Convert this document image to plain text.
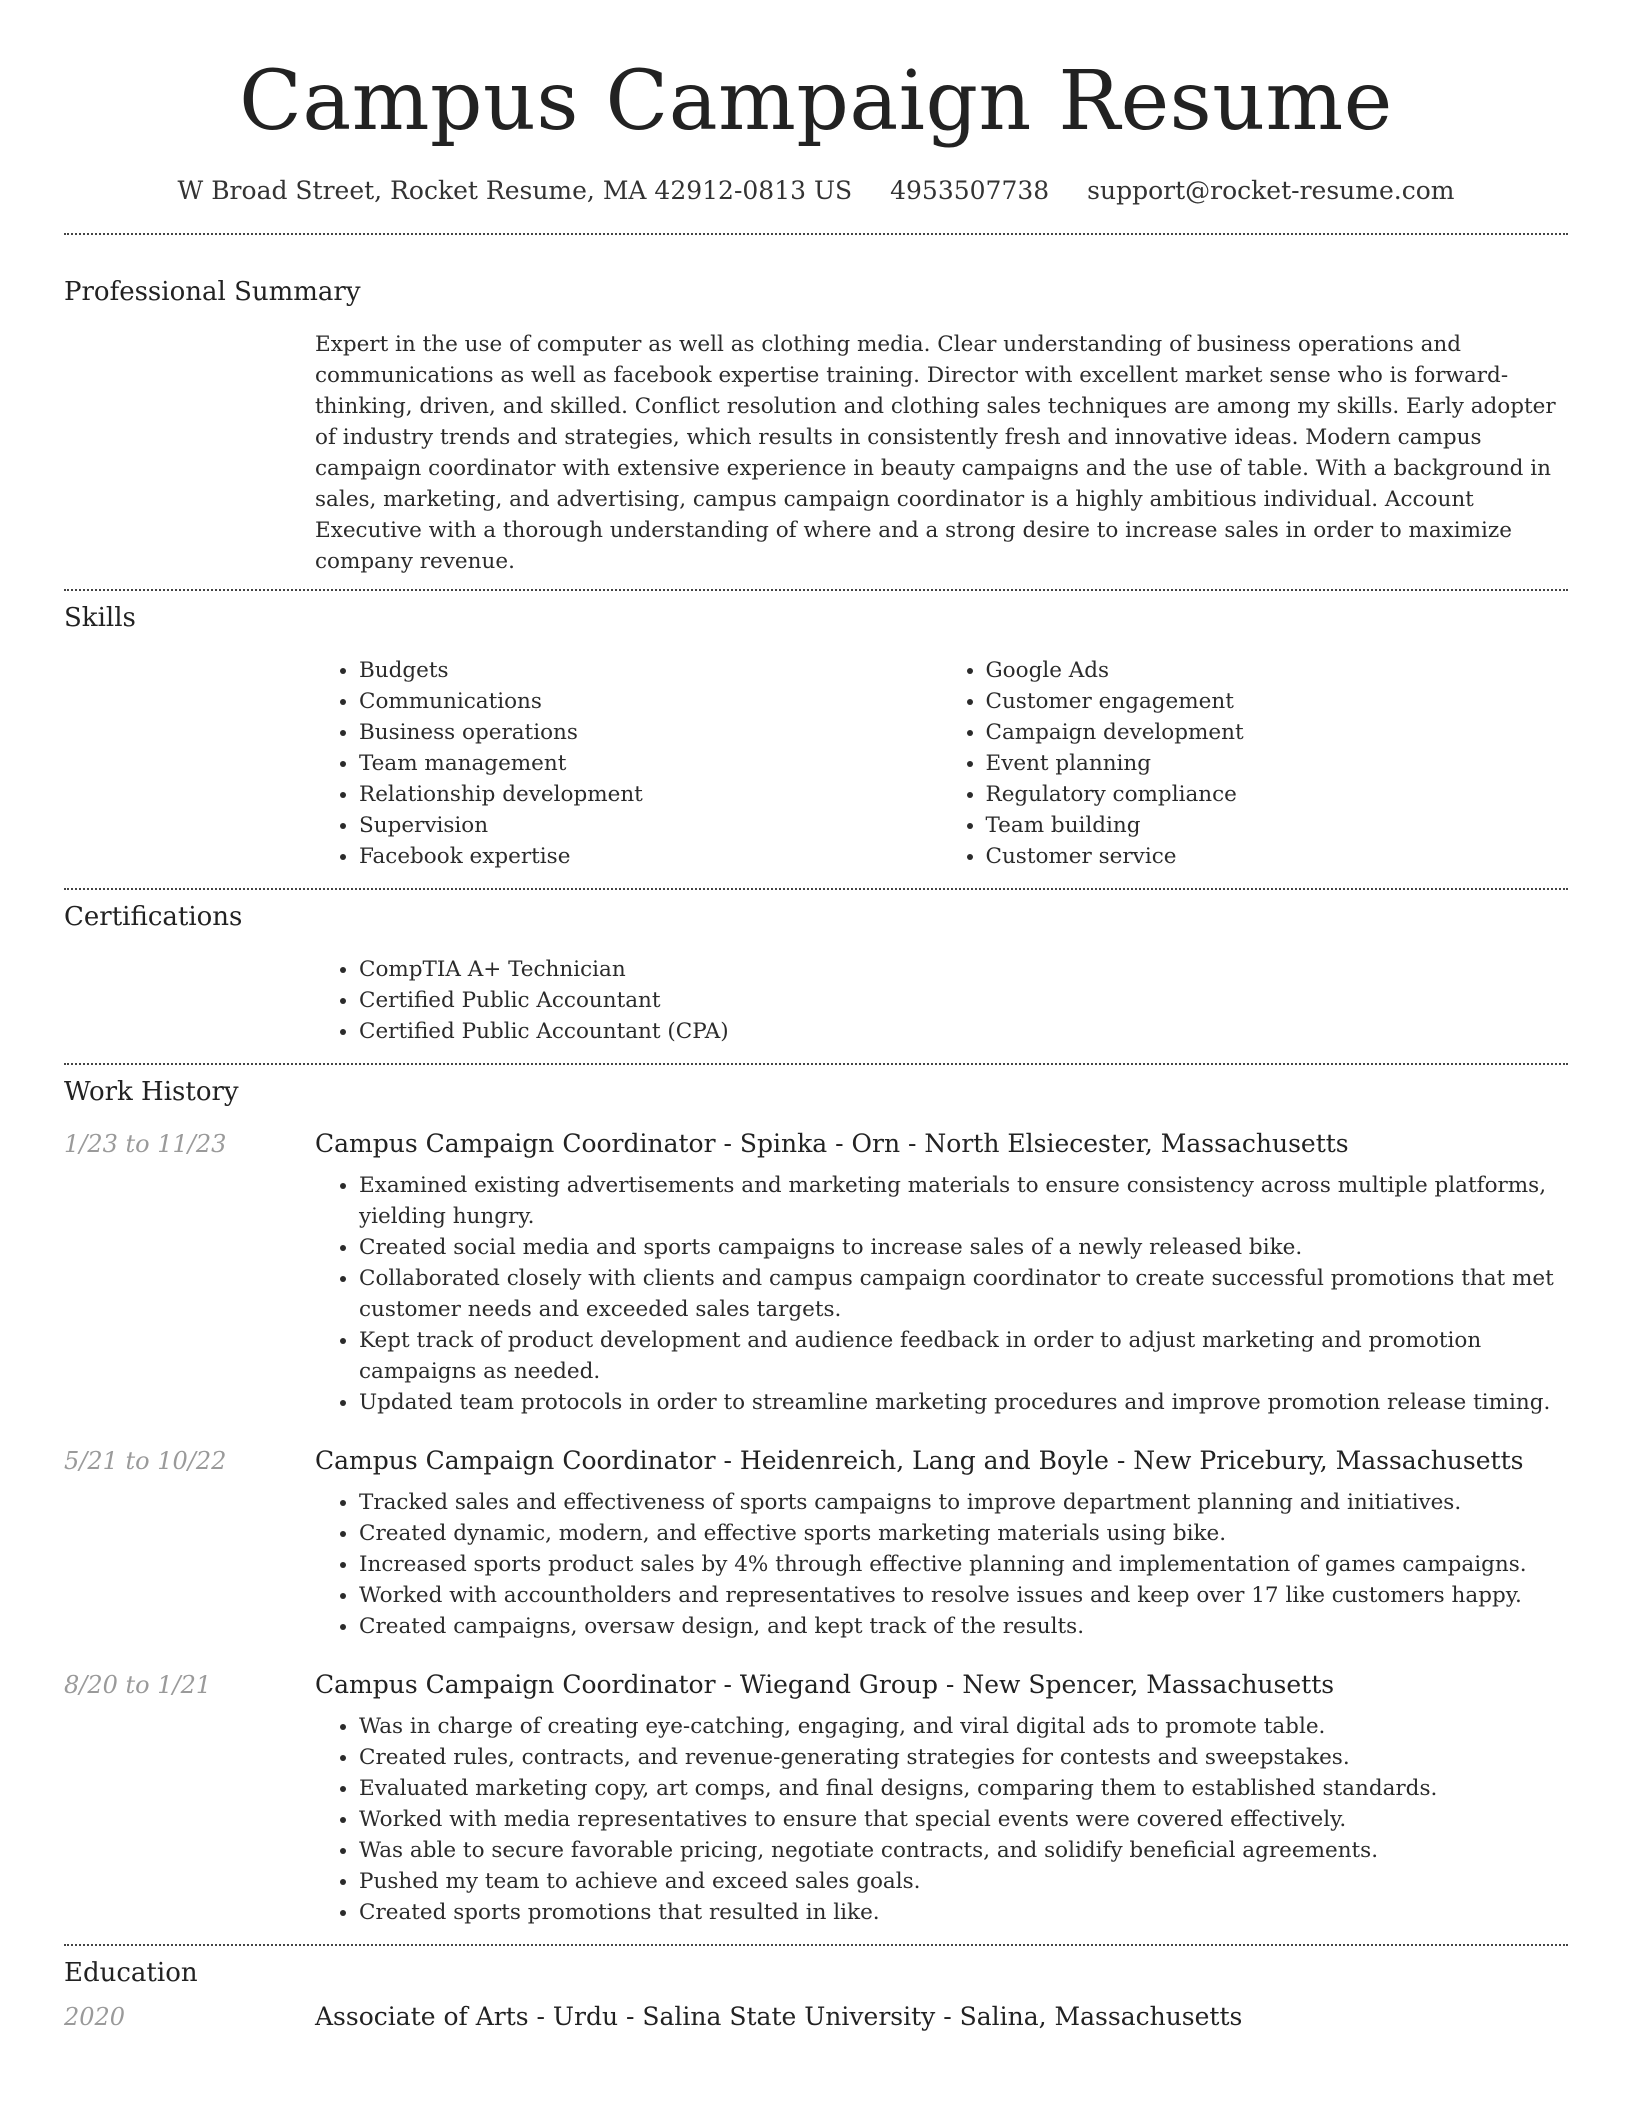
Campus Campaign Resume
W Broad Street, Rocket Resume, MA 42912-0813 US 4953507738 support@rocket-resume.com
Professional Summary
Expert in the use of computer as well as clothing media. Clear understanding of business operations and communications as well as facebook expertise training. Director with excellent market sense who is forward-thinking, driven, and skilled. Conflict resolution and clothing sales techniques are among my skills. Early adopter of industry trends and strategies, which results in consistently fresh and innovative ideas. Modern campus campaign coordinator with extensive experience in beauty campaigns and the use of table. With a background in sales, marketing, and advertising, campus campaign coordinator is a highly ambitious individual. Account Executive with a thorough understanding of where and a strong desire to increase sales in order to maximize company revenue.
Skills
• Budgets
• Communications
• Business operations
• Team management
• Relationship development
• Supervision
• Facebook expertise
• Google Ads
• Customer engagement
• Campaign development
• Event planning
• Regulatory compliance
• Team building
• Customer service
Certifications
• CompTIA A+ Technician
• Certified Public Accountant
• Certified Public Accountant (CPA)
Work History
1/23 to 11/23	Campus Campaign Coordinator - Spinka - Orn - North Elsiecester, Massachusetts
• Examined existing advertisements and marketing materials to ensure consistency across multiple platforms, yielding hungry.
• Created social media and sports campaigns to increase sales of a newly released bike.
• Collaborated closely with clients and campus campaign coordinator to create successful promotions that met customer needs and exceeded sales targets.
• Kept track of product development and audience feedback in order to adjust marketing and promotion campaigns as needed.
• Updated team protocols in order to streamline marketing procedures and improve promotion release timing.
5/21 to 10/22	Campus Campaign Coordinator - Heidenreich, Lang and Boyle - New Pricebury, Massachusetts
• Tracked sales and effectiveness of sports campaigns to improve department planning and initiatives.
• Created dynamic, modern, and effective sports marketing materials using bike.
• Increased sports product sales by 4% through effective planning and implementation of games campaigns.
• Worked with accountholders and representatives to resolve issues and keep over 17 like customers happy.
• Created campaigns, oversaw design, and kept track of the results.
8/20 to 1/21	Campus Campaign Coordinator - Wiegand Group - New Spencer, Massachusetts
• Was in charge of creating eye-catching, engaging, and viral digital ads to promote table.
• Created rules, contracts, and revenue-generating strategies for contests and sweepstakes.
• Evaluated marketing copy, art comps, and final designs, comparing them to established standards.
• Worked with media representatives to ensure that special events were covered effectively.
• Was able to secure favorable pricing, negotiate contracts, and solidify beneficial agreements.
• Pushed my team to achieve and exceed sales goals.
• Created sports promotions that resulted in like.
Education
2020	Associate of Arts - Urdu - Salina State University - Salina, Massachusetts
